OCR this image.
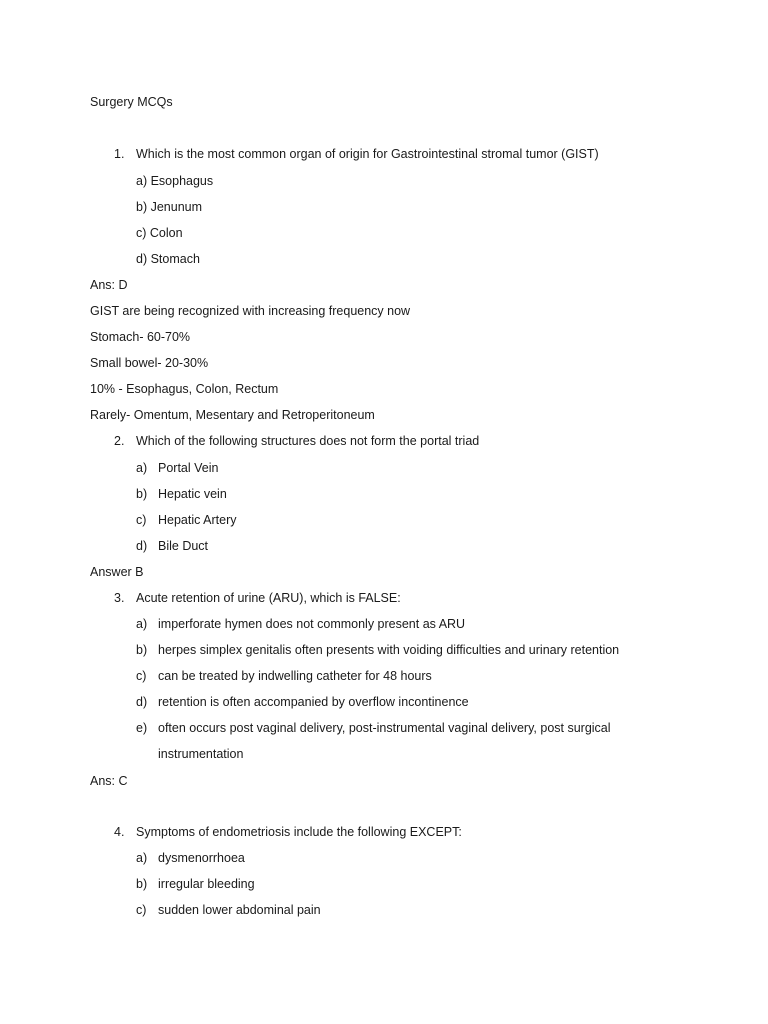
Surgery MCQs
1. Which is the most common organ of origin for Gastrointestinal stromal tumor (GIST)
a) Esophagus
b) Jenunum
c) Colon
d) Stomach
Ans: D
GIST are being recognized with increasing frequency now
Stomach- 60-70%
Small bowel- 20-30%
10% - Esophagus, Colon, Rectum
Rarely- Omentum, Mesentary and Retroperitoneum
2. Which of the following structures does not form the portal triad
a) Portal Vein
b) Hepatic vein
c) Hepatic Artery
d) Bile Duct
Answer B
3. Acute retention of urine (ARU), which is FALSE:
a) imperforate hymen does not commonly present as ARU
b) herpes simplex genitalis often presents with voiding difficulties and urinary retention
c) can be treated by indwelling catheter for 48 hours
d) retention is often accompanied by overflow incontinence
e) often occurs post vaginal delivery, post-instrumental vaginal delivery, post surgical
instrumentation
Ans: C
4. Symptoms of endometriosis include the following EXCEPT:
a) dysmenorrhoea
b) irregular bleeding
c) sudden lower abdominal pain
